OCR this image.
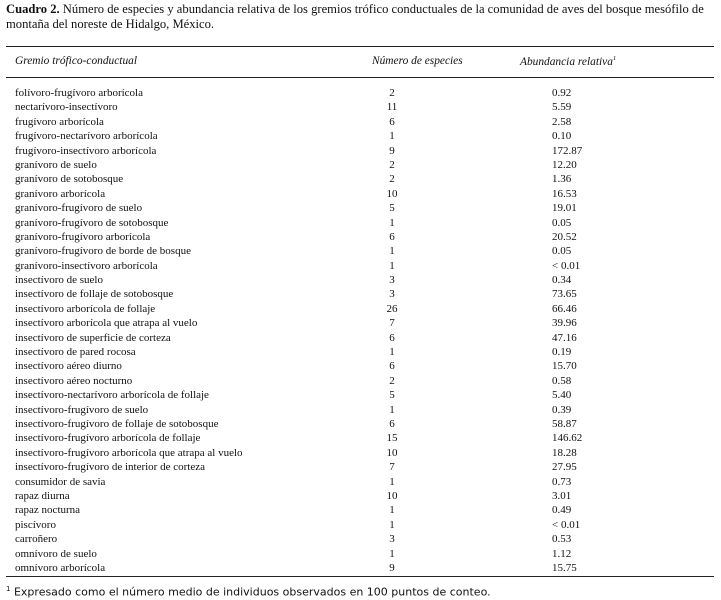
Cuadro 2. Número de especies y abundancia relativa de los gremios trófico conductuales de la comunidad de aves del bosque mesófilo de montaña del noreste de Hidalgo, México.
Gremio trófico-conductual	Número de especies	Abundancia relativa$^1$
folívoro-frugívoro arborícola	2	0.92
nectarívoro-insectívoro	11	5.59
frugívoro arborícola	6	2.58
frugívoro-nectarívoro arborícola	1	0.10
frugívoro-insectívoro arborícola	9	172.87
granívoro de suelo	2	12.20
granívoro de sotobosque	2	1.36
granívoro arborícola	10	16.53
granívoro-frugívoro de suelo	5	19.01
granívoro-frugívoro de sotobosque	1	0.05
granívoro-frugívoro arborícola	6	20.52
granívoro-frugívoro de borde de bosque	1	0.05
granívoro-insectívoro arborícola	1	< 0.01
insectívoro de suelo	3	0.34
insectívoro de follaje de sotobosque	3	73.65
insectívoro arborícola de follaje	26	66.46
insectívoro arborícola que atrapa al vuelo	7	39.96
insectívoro de superficie de corteza	6	47.16
insectívoro de pared rocosa	1	0.19
insectívoro aéreo diurno	6	15.70
insectívoro aéreo nocturno	2	0.58
insectívoro-nectarívoro arborícola de follaje	5	5.40
insectívoro-frugívoro de suelo	1	0.39
insectívoro-frugívoro de follaje de sotobosque	6	58.87
insectívoro-frugívoro arborícola de follaje	15	146.62
insectívoro-frugívoro arborícola que atrapa al vuelo	10	18.28
insectívoro-frugívoro de interior de corteza	7	27.95
consumidor de savia	1	0.73
rapaz diurna	10	3.01
rapaz nocturna	1	0.49
piscívoro	1	< 0.01
carroñero	3	0.53
omnívoro de suelo	1	1.12
omnívoro arborícola	9	15.75
$^1$ Expresado como el número medio de individuos observados en 100 puntos de conteo.
